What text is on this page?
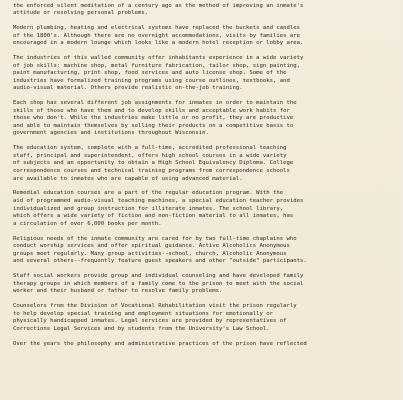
the enforced silent meditation of a century ago as the method of improving an inmate's
attitude or resolving personal problems.

Modern plumbing, heating and electrical systems have replaced the buckets and candles
of the 1800's. Although there are no overnight accommodations, visits by families are
encouraged in a modern lounge which looks like a modern hotel reception or lobby area.

The industries of this walled community offer inhabitants experience in a wide variety
of job skills: machine shop, metal furniture fabrication, tailor shop, sign painting,
paint manufacturing, print shop, food services and auto license shop. Some of the
industries have formalized training programs using course outlines, textbooks, and
audio-visual material. Others provide realistic on-the-job training.

Each shop has several different job assignments for inmates in order to maintain the
skills of those who have them and to develop skills and acceptable work habits for
those who don't. While the industries make little or no profit, they are productive
and able to maintain themselves by selling their products on a competitive basis to
government agencies and institutions throughout Wisconsin.

The education system, complete with a full-time, accredited professional teaching
staff, principal and superintendent, offers high school courses in a wide variety
of subjects and an opportunity to obtain a High School Equivalency Diploma. College
correspondence courses and technical training programs from correspondence schools
are available to inmates who are capable of using advanced material.

Remedial education courses are a part of the regular education program. With the
aid of programmed audio-visual teaching machines, a special education teacher provides
individualized and group instruction for illiterate inmates. The school library,
which offers a wide variety of fiction and non-fiction material to all inmates, has
a circulation of over 6,000 books per month.

Religious needs of the inmate community are cared for by two full-time chaplains who
conduct worship services and offer spiritual guidance. Active Alcoholics Anonymous
groups meet regularly. Many group activities--school, church, Alcoholic Anonymous
and several others--frequently feature guest speakers and other "outside" participants.

Staff social workers provide group and individual counseling and have developed family
therapy groups in which members of a family come to the prison to meet with the social
worker and their husband or father to resolve family problems.

Counselors from the Division of Vocational Rehabilitation visit the prison regularly
to help develop special training and employment situations for emotionally or
physically handicapped inmates. Legal services are provided by representatives of
Corrections Legal Services and by students from the University's Law School.

Over the years the philosophy and administrative practices of the prison have reflected
